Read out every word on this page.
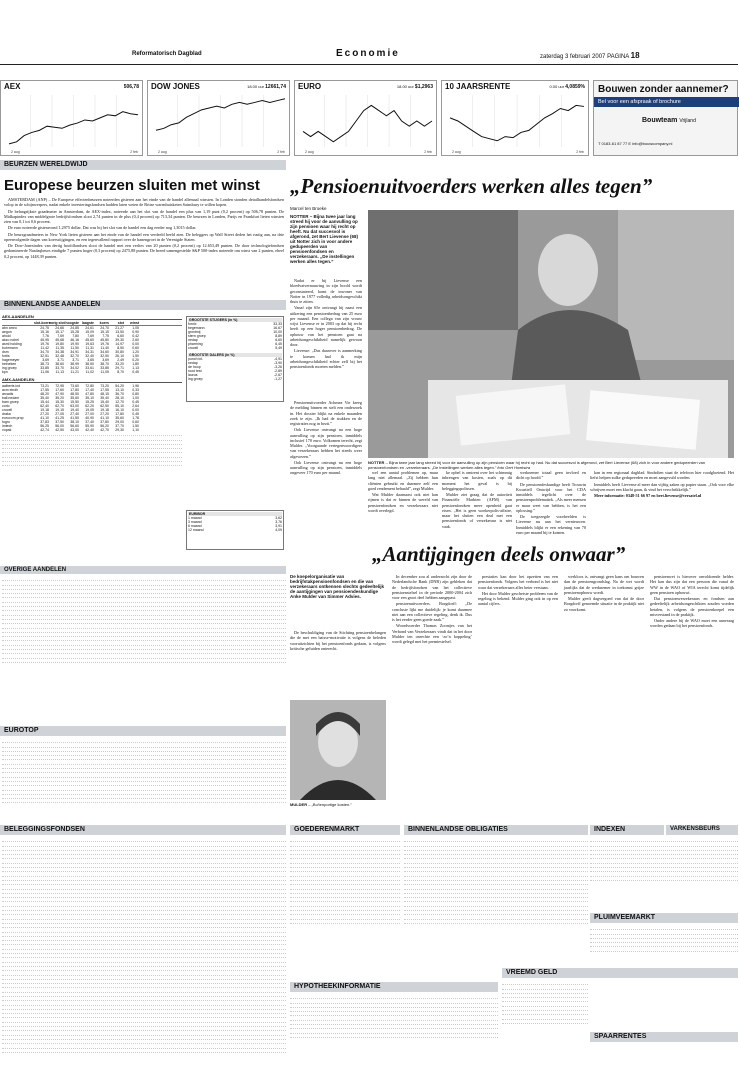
Reformatorisch Dagblad	Economie	zaterdag 3 februari 2007 PAGINA 18
AEX	506,78
2 aug	2 feb
DOW JONES	18.00 uur 12661,74
2 aug	2 feb
EURO	18.00 uur $1,2963
2 aug	2 feb
10 JAARSRENTE	0.00 uur 4,0859%
2 aug	2 feb
Bouwen zonder aannemer?
Bel voor een afspraak of brochure
Bouwteam Vrijland
T 0183-61 87 77 E info@bouwcompany.nl
BEURZEN WERELDWIJD
Europese beurzen sluiten met winst

AMSTERDAM (ANP) – De Europese effectenbeurzen noteerden gisteren aan het einde van de handel allemaal winsten. In Londen stonden detailhandelsfondsen volop in de schijnwerpers, nadat enkele investeringsfondsen hadden laten weten de Britse warenhuisketen Sainsbury te willen kopen.

De belangrijkste graadmeter in Amsterdam, de AEX-index, noteerde aan het slot van de handel een plus van 1,19 punt (0,2 procent) op 506,78 punten. De Midkapindex van middelgrote bedrijfsfondsen sloot 2,74 punten in de plus (0,4 procent) op 713,34 punten. De beurzen in Londen, Parijs en Frankfurt lieten winsten zien van 0,1 tot 0,6 procent.

De euro noteerde gisteravond 1,2975 dollar. Dat was bij het slot van de handel een dag eerder nog 1,3015 dollar.

De beursgraadmeters in New York lieten gisteren aan het einde van de handel een verdeeld beeld zien. De beleggers op Wall Street deden het rustig aan, na drie opeenvolgende dagen van koersstijgingen, en een tegenvallend rapport over de banengroei in de Verenigde Staten.

De Dow-Jonesindex van dertig hoofdfondsen sloot de handel met een verlies van 20 punten (0,2 procent) op 12.653,49 punten. De door technologiefondsen gedomineerde Nasdaqbeurs eindigde 7 punten hoger (0,3 procent) op 2475,88 punten. De breed samengestelde S&P 500-index noteerde om winst van 2 punten, eheel 0,2 procent, op 1448,39 punten.

BINNENLANDSE AANDELEN
AEX-AANDELEN
slot-koers
vorig slot hoogste laagste	koers	slot	winst
abn amro	24,75	24,66	24,85	24,61	24,70	21,27	1,05
aegon	15,16	15,17	15,28	15,09	15,15	13,50	0,90
ahold	7,76	7,69	7,80	7,69	7,75	6,60	0,42
akzo nobel	45,95	45,68	46,16	45,60	45,80	39,30	2,60
asml holding	19,76	19,80	19,90	19,63	19,76	14,97	0,00
buhrmann	11,42	11,35	11,50	11,31	11,40	8,50	0,60
dsm	34,70	34,38	34,91	34,31	34,60	30,80	1,20
fortis	32,51	32,48	32,70	32,40	32,50	26,10	1,50
hagemeyer	3,69	3,71	3,71	3,65	3,69	2,49	0,20
heineken	38,73	38,60	38,99	38,50	38,70	33,20	1,80
ing groep	33,85	33,70	34,02	33,61	33,85	29,71	1,13
kpn	11,06	11,13	11,21	11,02	11,05	8,70	0,45
AMX-AANDELEN
aalberts ind	73,21	72,95	73,60	72,80	73,20	54,20	1,96
acm eindh	17,55	17,60	17,80	17,40	17,55	13,10	0,33
arcadis	48,20	47,90	48,50	47,80	48,15	36,70	0,80
ball.nedam	35,40	35,20	35,60	35,10	35,40	28,10	1,00
bam groep	15,44	15,30	15,50	15,25	15,40	12,70	0,45
corio	62,40	62,70	63,00	62,20	62,50	55,10	2,64
crucell	19,18	19,15	19,40	19,05	19,18	16,10	0,00
draka	27,20	27,05	27,40	27,00	27,20	17,80	0,45
eurocom.prop	41,10	41,25	41,50	40,90	41,10	35,60	1,78
fugro	37,83	37,50	38,10	37,40	37,80	29,00	0,60
imtech	56,25	56,00	56,60	55,90	56,20	37,70	1,50
vopak	42,74	42,50	43,00	42,40	42,70	29,30	1,10
GROOTSTE STIJGERS (in %)
fornix	33,33
begemann	16,67
grontmij	10,00
stern groep	8,89
nedap	6,60
pharming	6,45
crucell	5,49
GROOTSTE DALERS (in %)
punch int.	-4,91
nedap	-3,90
de hoop	-3,26
rood test	-2,89
laurus	-2,67
ing groep	-1,27
EURIBOR
1 maand	3,62
3 maand	3,76
6 maand	3,91
12 maand	4,09
OVERIGE AANDELEN
EUROTOP
BELEGGINGSFONDSEN
„Pensioenuitvoerders werken alles tegen”
Marcel ten Broeke
NOTTER – Bijna twee jaar lang streed hij voor de aanvulling op zijn pensioen waar hij recht op heeft. Nu dat succesvol is afgerond, zet Bert Lievense (68) uit Notter zich in voor andere gedupeerden van pensioenfondsen en verzekeraars. „De instellingen werken alles tegen.”

Nadat er bij Lievense een bloedvatvernauwing in zijn hoofd wordt geconstateerd, komt de inwoner van Notter in 1977 volledig arbeidsongeschikt thuis te zitten.

Vanaf zijn 65e ontvangt hij naast een uitkering een pensioenbedrag van 25 euro per maand. Een collega van zijn vrouw wijst Lievense er in 2003 op dat hij recht heeft op een hoger pensioenbedrag. De opbouw van het pensioen gaat na arbeidsongeschiktheid namelijk gewoon door.

Lievense: „Dus daarover is aanmerking te komen had ik mijn arbeidsongeschiktheid echter zelf bij het pensioenfonds moeten melden.”

Pensioenuitvoerder Achmea Vie kreeg de melding binnen en stelt een onderzoek in. Het dossier blijkt na enkele maanden zoek te zijn. „Ik had de stukken en de registraties nog in bezit.”

Ook Lievense ontvangt na een hoge aanvulling op zijn pensioen, inmiddels inclusief 170 euro. Volkomen terecht, zegt Mulder. „Voorgaande vertegenwoordigers van verzekeraars hebben het steeds weer afgewezen.”

Ook Lievense ontvangt nu een hoge aanvulling op zijn pensioen, inmiddels ongeveer 170 euro per maand.

NOTTER – Bijna twee jaar lang streed hij voor de aanvulling op zijn pensioen waar hij recht op had. Nu dat succesvol is afgerond, zet Bert Lievense (68) zich in voor andere gedupeerden van pensioenfondsen en -verzekeraars. „De instellingen werken alles tegen.” foto Gert Hoekstra

wel een aantal problemen op, maar lang niet allemaal. „Zij hebben hun cliënten gebruikt en daarmee zelf een goed rendement behaald”, zegt Mulder.

Wat Mulder daarnaast ook niet kan rijmen is dat er binnen de wereld van pensioenfondsen en verzekeraars niet wordt overlegd.

ke opbel is omtrent over het schimmig inbrengen van kosten, zoals op dit moment het geval is bij beleggingspolissen.

Mulder ziet graag dat de autoriteit Financiële Markten (AFM) van pensioenfondsen meer openheid gaat eisen. „Het is geen woekerpolis-affaire, maar het sluiten een deal met een pensioenfonds of verzekeraar is niet vaak.

werknemer totaal geen invloed en dicht op hoofd.”

De pensioendeskundige heeft Trouwin Kwartiell Ontwijd voor het CDA inmiddels tegelicht over de pensioenproblematiek. „Als meer mensen er maar weet van hebben, is het een oplossing.”

De toegezegde voorbeelden is Lievense nu aan het vernieuwen. Inmiddels blijkt er een rekening van 70 euro per maand bij te komen.

kan in een regionaal dagblad. Sindsdien staat de telefoon hier roodgloeiend. Het liefst helpen zulke gedupeerden en moet aangevuld worden.

Inmiddels heeft Lievense al meer dan vijftig zaken op papier staan. „Ook voor elke schrijven moet een klacht gaan, ik vind het verschrikkelijk.”

Meer informatie: 0348-51 66 97 en bert.lievense@versatel.nl

„Aantijgingen deels onwaar”
De koepelorganisatie van bedrijfstakpensioenfondsen en die van verzekeraars ontkennen slechts gedeeltelijk de aantijgingen van pensioendeskundige Anke Mulder van Simmer Advies.

De beschuldiging van de Stichting pensioenbelangen die de met een baisse-motivatie is volgens de beleden vooruitzichten bij het pensioenfonds gedaan, is volgens kritische geluiden onterecht.

MULDER – „Bu'tenportige kosten.”

In december zou al onderzocht zijn door de Nederlandsche Bank (DNB) zijn gebleken dat de bedrijfsfondsen van het collectieve pensioenstelsel in de periode 2000-2004 zich voor een groot deel hebben aangepast.

pensioenuitvoerders. Borgdorff: „De conclusie lijkt me duidelijk: je komt daarmee niet aan een collectieve regeling, denk ik. Dus is het eerder geen goede zaak.”

Woordvoerder Thomas Zoontjes van het Verbond van Verzekeraars vindt dat in het door Mulder ten onrechte een ‘zo’n koppeling’ wordt gelegd met het premiestelsel.

prestaties kan door het opzetten van een pensioenfonds. Volgens het verbond is het niet waar dat verzekeraars alles beter verstaan.

Het door Mulder geschetste probleem van de regeling is bekend. Mulder ging ook in op een aantal cijfers.

werkloos is, ontvangt geen kans om bouwen dan de pensioengrondslag. Na de wet wordt jaarlijks dat de werknemer in toekomst grijze pensioenopbouw wordt.

Mulder geeft dagvergoed van dat de door Borgdorff genoemde situatie in de praktijk niet zo voorkomt.

pensioenwet is hierover onvoldoende helder. Het kan dus zijn dat een persoon die vanaf de WW in de WAO of WIA terecht komt tijdelijk geen pensioen opbouwt.

Dat pensioenverzekeraars en fondsen aan gedeeltelijk arbeidsongeschikten zouden worden betalen, is volgens de pensioenkoepel een misverstand in de praktijk.

Onder andere bij de WAO moet een aanvraag worden gedaan bij het pensioenfonds.

GOEDERENMARKT	BINNENLANDSE OBLIGATIES	INDEXEN	VARKENSBEURS
PLUIMVEEMARKT
VREEMD GELD
HYPOTHEEKINFORMATIE
SPAARRENTES
